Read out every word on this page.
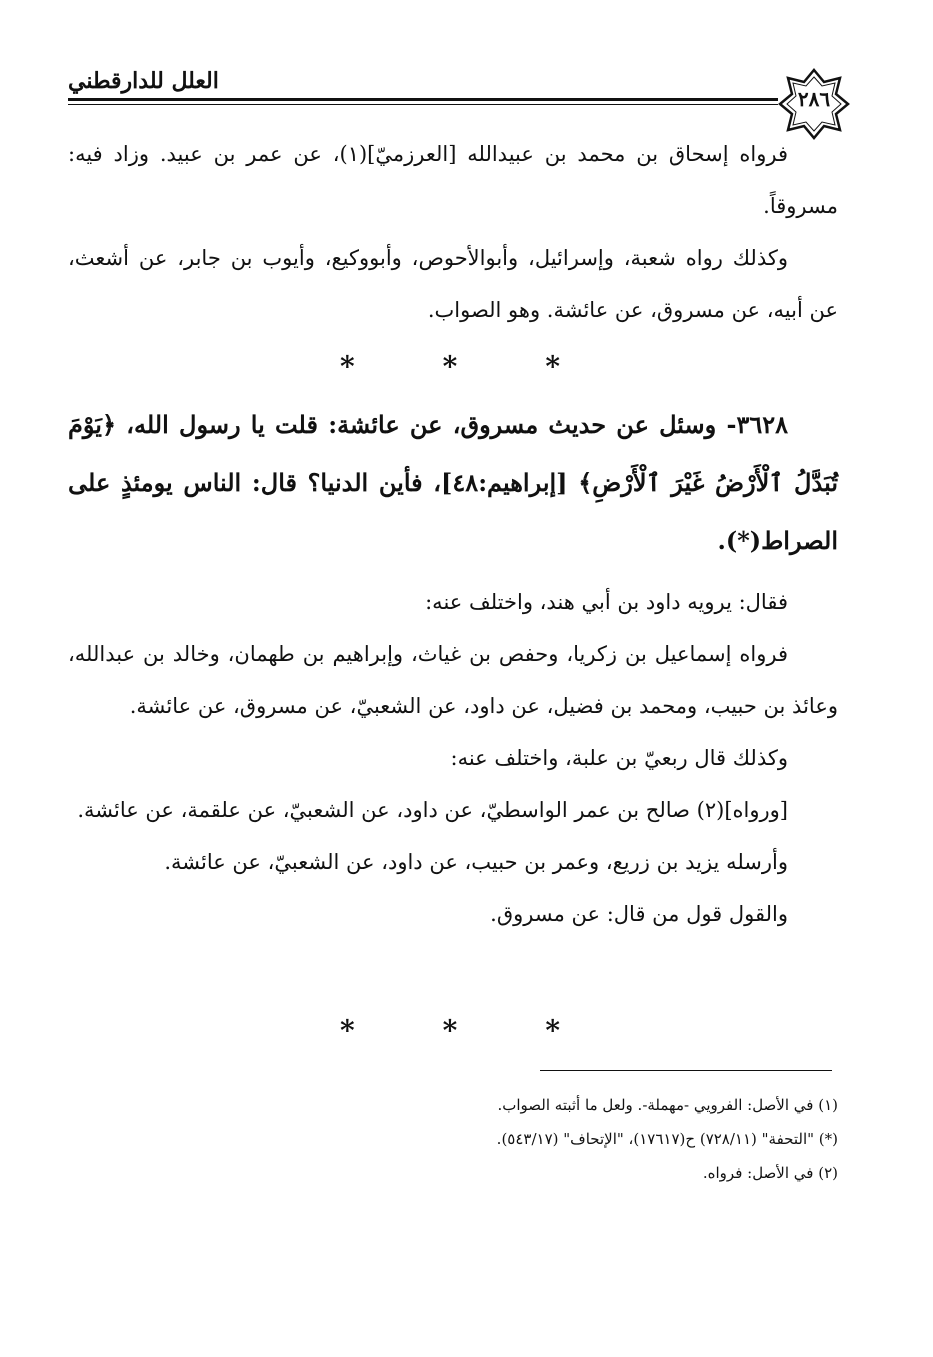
العلل للدارقطني
٢٨٦

فرواه إسحاق بن محمد بن عبيدالله [العرزميّ](١)، عن عمر بن عبيد. وزاد فيه: مسروقاً.

وكذلك رواه شعبة، وإسرائيل، وأبوالأحوص، وأبووكيع، وأيوب بن جابر، عن أشعث، عن أبيه، عن مسروق، عن عائشة. وهو الصواب.

*	*	*

٣٦٢٨- وسئل عن حديث مسروق، عن عائشة: قلت يا رسول الله، ﴿يَوْمَ تُبَدَّلُ ٱلْأَرْضُ غَيْرَ ٱلْأَرْضِ﴾ [إبراهيم:٤٨]، فأين الدنيا؟ قال: الناس يومئذٍ على الصراط(*).

فقال: يرويه داود بن أبي هند، واختلف عنه:

فرواه إسماعيل بن زكريا، وحفص بن غياث، وإبراهيم بن طهمان، وخالد بن عبدالله، وعائذ بن حبيب، ومحمد بن فضيل، عن داود، عن الشعبيّ، عن مسروق، عن عائشة.

وكذلك قال ربعيّ بن علبة، واختلف عنه:

[ورواه](٢) صالح بن عمر الواسطيّ، عن داود، عن الشعبيّ، عن علقمة، عن عائشة.

وأرسله يزيد بن زريع، وعمر بن حبيب، عن داود، عن الشعبيّ، عن عائشة.

والقول قول من قال: عن مسروق.

*	*	*
(١) في الأصل: الفرويي -مهملة-. ولعل ما أثبته الصواب.
(*) "التحفة" (٧٢٨/١١) ح(١٧٦١٧)، "الإتحاف" (٥٤٣/١٧).
(٢) في الأصل: فرواه.
